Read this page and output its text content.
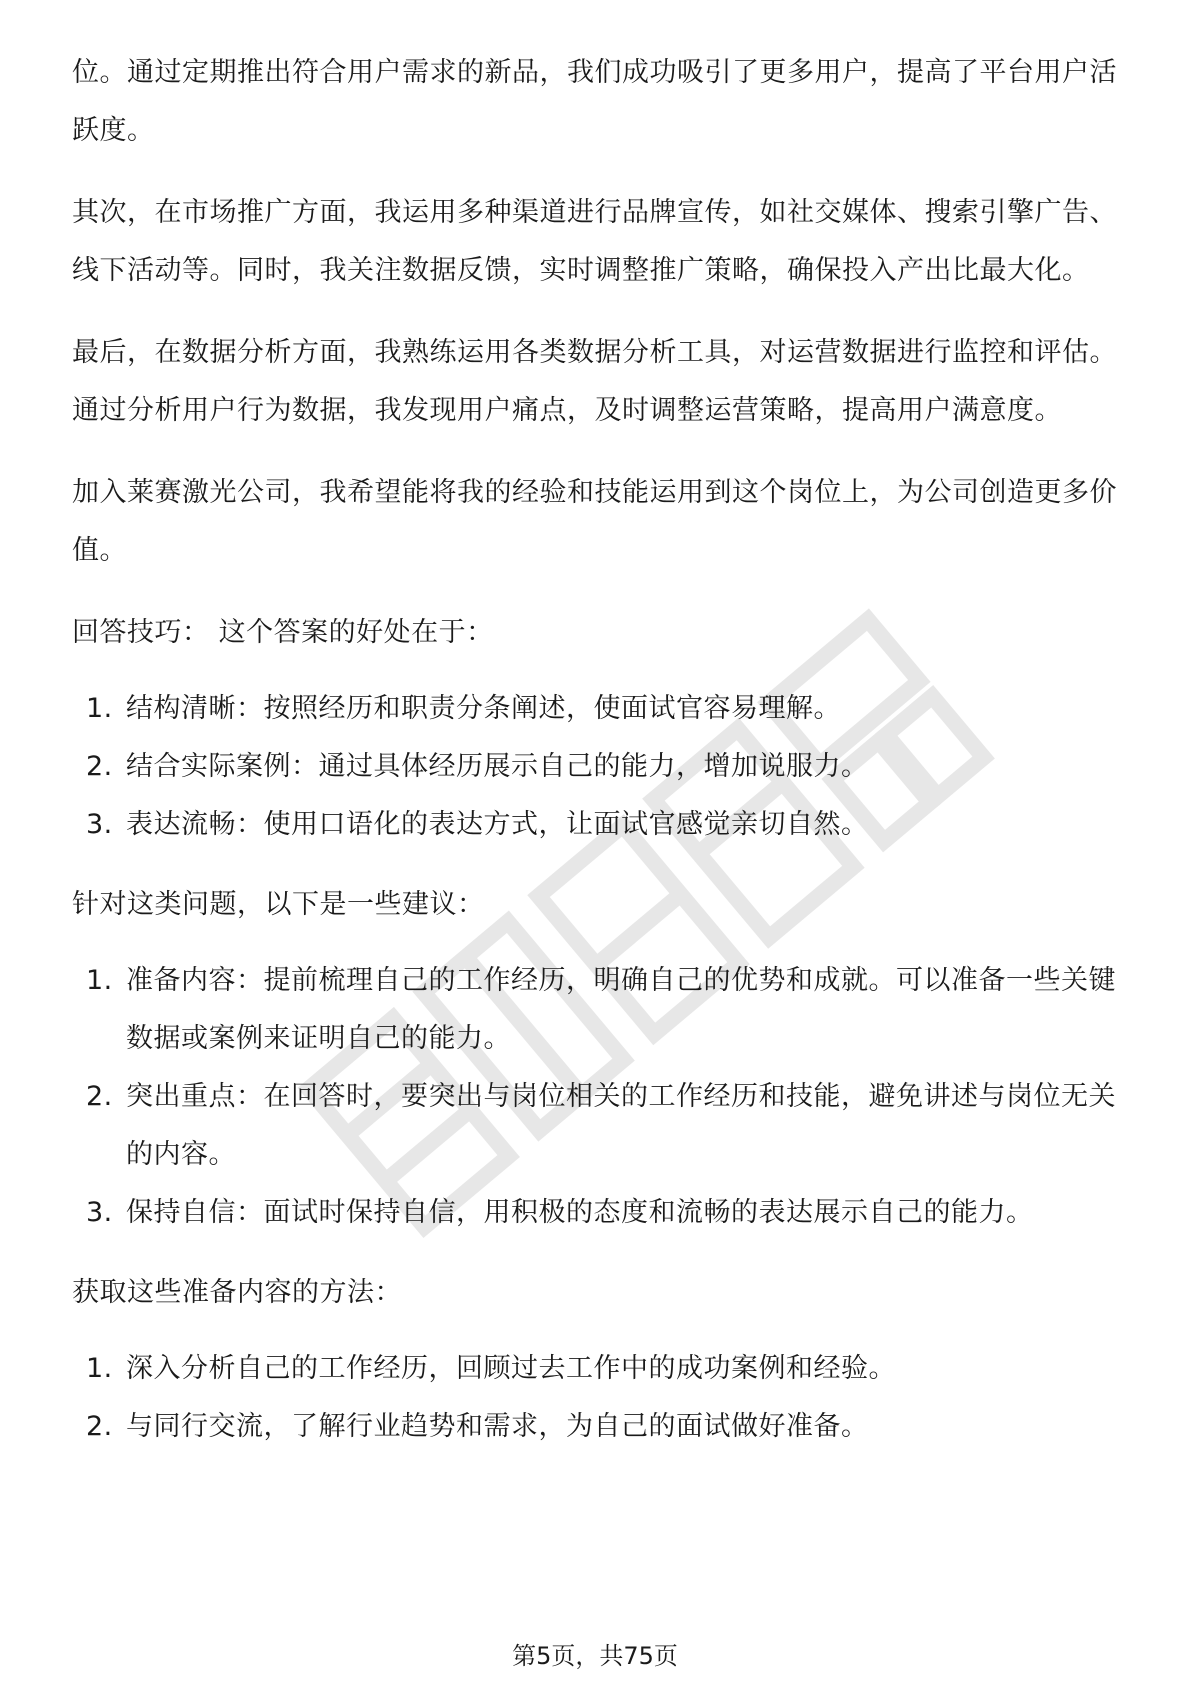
位。通过定期推出符合用户需求的新品，我们成功吸引了更多用户，提高了平台用户活跃度。

其次，在市场推广方面，我运用多种渠道进行品牌宣传，如社交媒体、搜索引擎广告、线下活动等。同时，我关注数据反馈，实时调整推广策略，确保投入产出比最大化。

最后，在数据分析方面，我熟练运用各类数据分析工具，对运营数据进行监控和评估。通过分析用户行为数据，我发现用户痛点，及时调整运营策略，提高用户满意度。

加入莱赛激光公司，我希望能将我的经验和技能运用到这个岗位上，为公司创造更多价值。

回答技巧： 这个答案的好处在于：

1. 结构清晰：按照经历和职责分条阐述，使面试官容易理解。
2. 结合实际案例：通过具体经历展示自己的能力，增加说服力。
3. 表达流畅：使用口语化的表达方式，让面试官感觉亲切自然。

针对这类问题，以下是一些建议：

1. 准备内容：提前梳理自己的工作经历，明确自己的优势和成就。可以准备一些关键数据或案例来证明自己的能力。
2. 突出重点：在回答时，要突出与岗位相关的工作经历和技能，避免讲述与岗位无关的内容。
3. 保持自信：面试时保持自信，用积极的态度和流畅的表达展示自己的能力。

获取这些准备内容的方法：

1. 深入分析自己的工作经历，回顾过去工作中的成功案例和经验。
2. 与同行交流，了解行业趋势和需求，为自己的面试做好准备。
第5页，共75页
